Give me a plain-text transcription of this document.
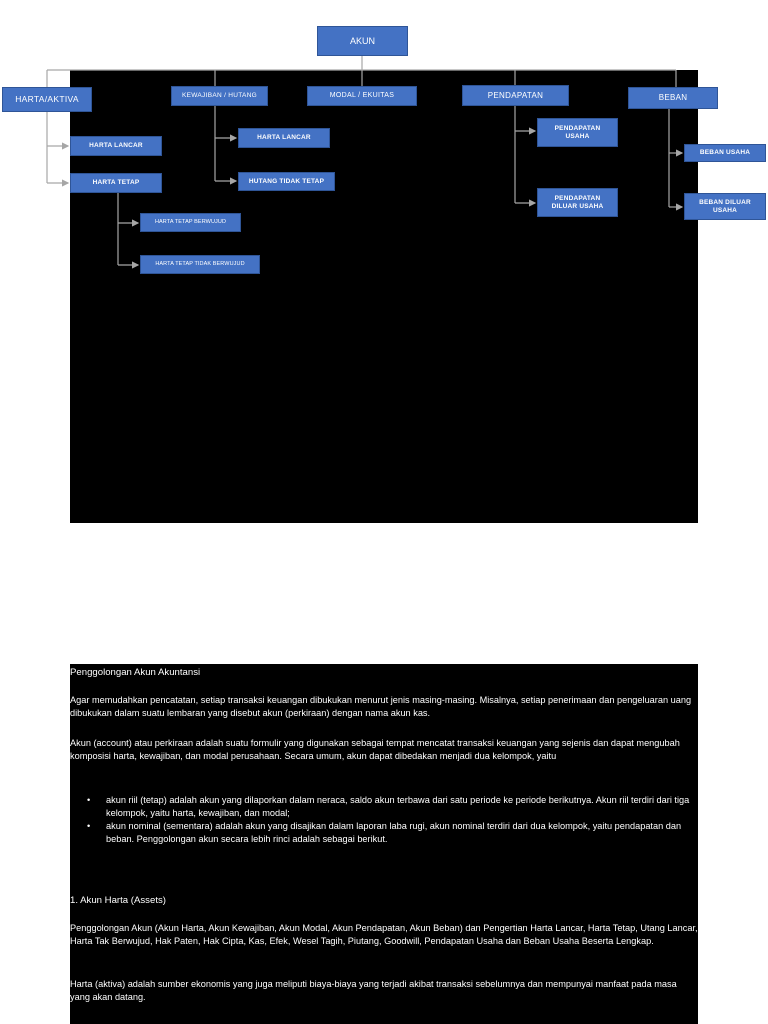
AKUN
HARTA/AKTIVA	KEWAJIBAN / HUTANG	MODAL / EKUITAS	PENDAPATAN	BEBAN
HARTA LANCAR
HARTA TETAP
HARTA TETAP BERWUJUD
HARTA TETAP TIDAK BERWUJUD
HARTA LANCAR
HUTANG TIDAK TETAP
PENDAPATAN USAHA
PENDAPATAN DILUAR USAHA
BEBAN USAHA
BEBAN DILUAR USAHA

Penggolongan Akun Akuntansi

Agar memudahkan pencatatan, setiap transaksi keuangan dibukukan menurut jenis masing-masing. Misalnya, setiap penerimaan dan pengeluaran uang dibukukan dalam suatu lembaran yang disebut akun (perkiraan) dengan nama akun kas.

Akun (account) atau perkiraan adalah suatu formulir yang digunakan sebagai tempat mencatat transaksi keuangan yang sejenis dan dapat mengubah komposisi harta, kewajiban, dan modal perusahaan. Secara umum, akun dapat dibedakan menjadi dua kelompok, yaitu

• akun riil (tetap) adalah akun yang dilaporkan dalam neraca, saldo akun terbawa dari satu periode ke periode berikutnya. Akun riil terdiri dari tiga kelompok, yaitu harta, kewajiban, dan modal;
• akun nominal (sementara) adalah akun yang disajikan dalam laporan laba rugi, akun nominal terdiri dari dua kelompok, yaitu pendapatan dan beban. Penggolongan akun secara lebih rinci adalah sebagai berikut.

1. Akun Harta (Assets)

Penggolongan Akun (Akun Harta, Akun Kewajiban, Akun Modal, Akun Pendapatan, Akun Beban) dan Pengertian Harta Lancar, Harta Tetap, Utang Lancar, Harta Tak Berwujud, Hak Paten, Hak Cipta, Kas, Efek, Wesel Tagih, Piutang, Goodwill, Pendapatan Usaha dan Beban Usaha Beserta Lengkap.

Harta (aktiva) adalah sumber ekonomis yang juga meliputi biaya-biaya yang terjadi akibat transaksi sebelumnya dan mempunyai manfaat pada masa yang akan datang.
